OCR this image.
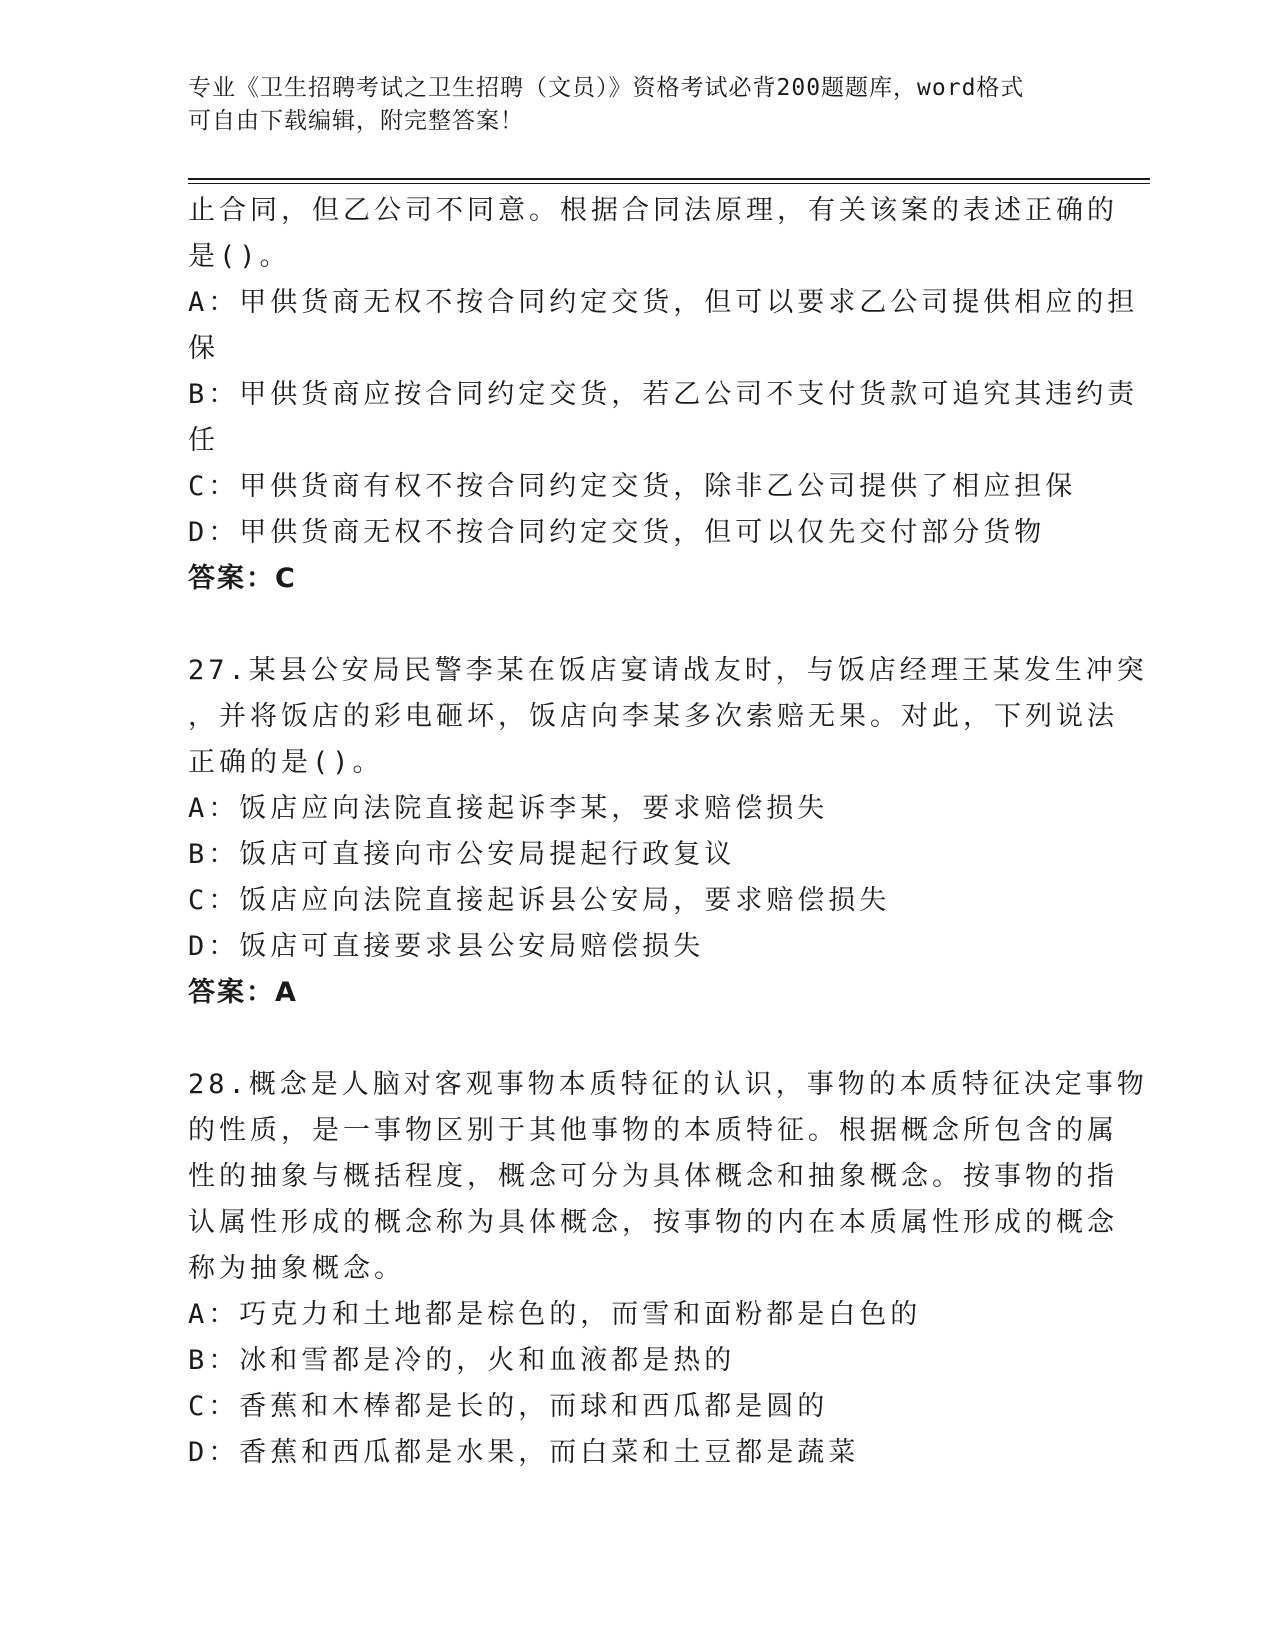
专业《卫生招聘考试之卫生招聘（文员）》资格考试必背200题题库，word格式
可自由下载编辑，附完整答案！
止合同，但乙公司不同意。根据合同法原理，有关该案的表述正确的
是()。
A：甲供货商无权不按合同约定交货，但可以要求乙公司提供相应的担
保
B：甲供货商应按合同约定交货，若乙公司不支付货款可追究其违约责
任
C：甲供货商有权不按合同约定交货，除非乙公司提供了相应担保
D：甲供货商无权不按合同约定交货，但可以仅先交付部分货物
答案：C
27.某县公安局民警李某在饭店宴请战友时，与饭店经理王某发生冲突
，并将饭店的彩电砸坏，饭店向李某多次索赔无果。对此，下列说法
正确的是()。
A：饭店应向法院直接起诉李某，要求赔偿损失
B：饭店可直接向市公安局提起行政复议
C：饭店应向法院直接起诉县公安局，要求赔偿损失
D：饭店可直接要求县公安局赔偿损失
答案：A
28.概念是人脑对客观事物本质特征的认识，事物的本质特征决定事物
的性质，是一事物区别于其他事物的本质特征。根据概念所包含的属
性的抽象与概括程度，概念可分为具体概念和抽象概念。按事物的指
认属性形成的概念称为具体概念，按事物的内在本质属性形成的概念
称为抽象概念。
A：巧克力和土地都是棕色的，而雪和面粉都是白色的
B：冰和雪都是冷的，火和血液都是热的
C：香蕉和木棒都是长的，而球和西瓜都是圆的
D：香蕉和西瓜都是水果，而白菜和土豆都是蔬菜
